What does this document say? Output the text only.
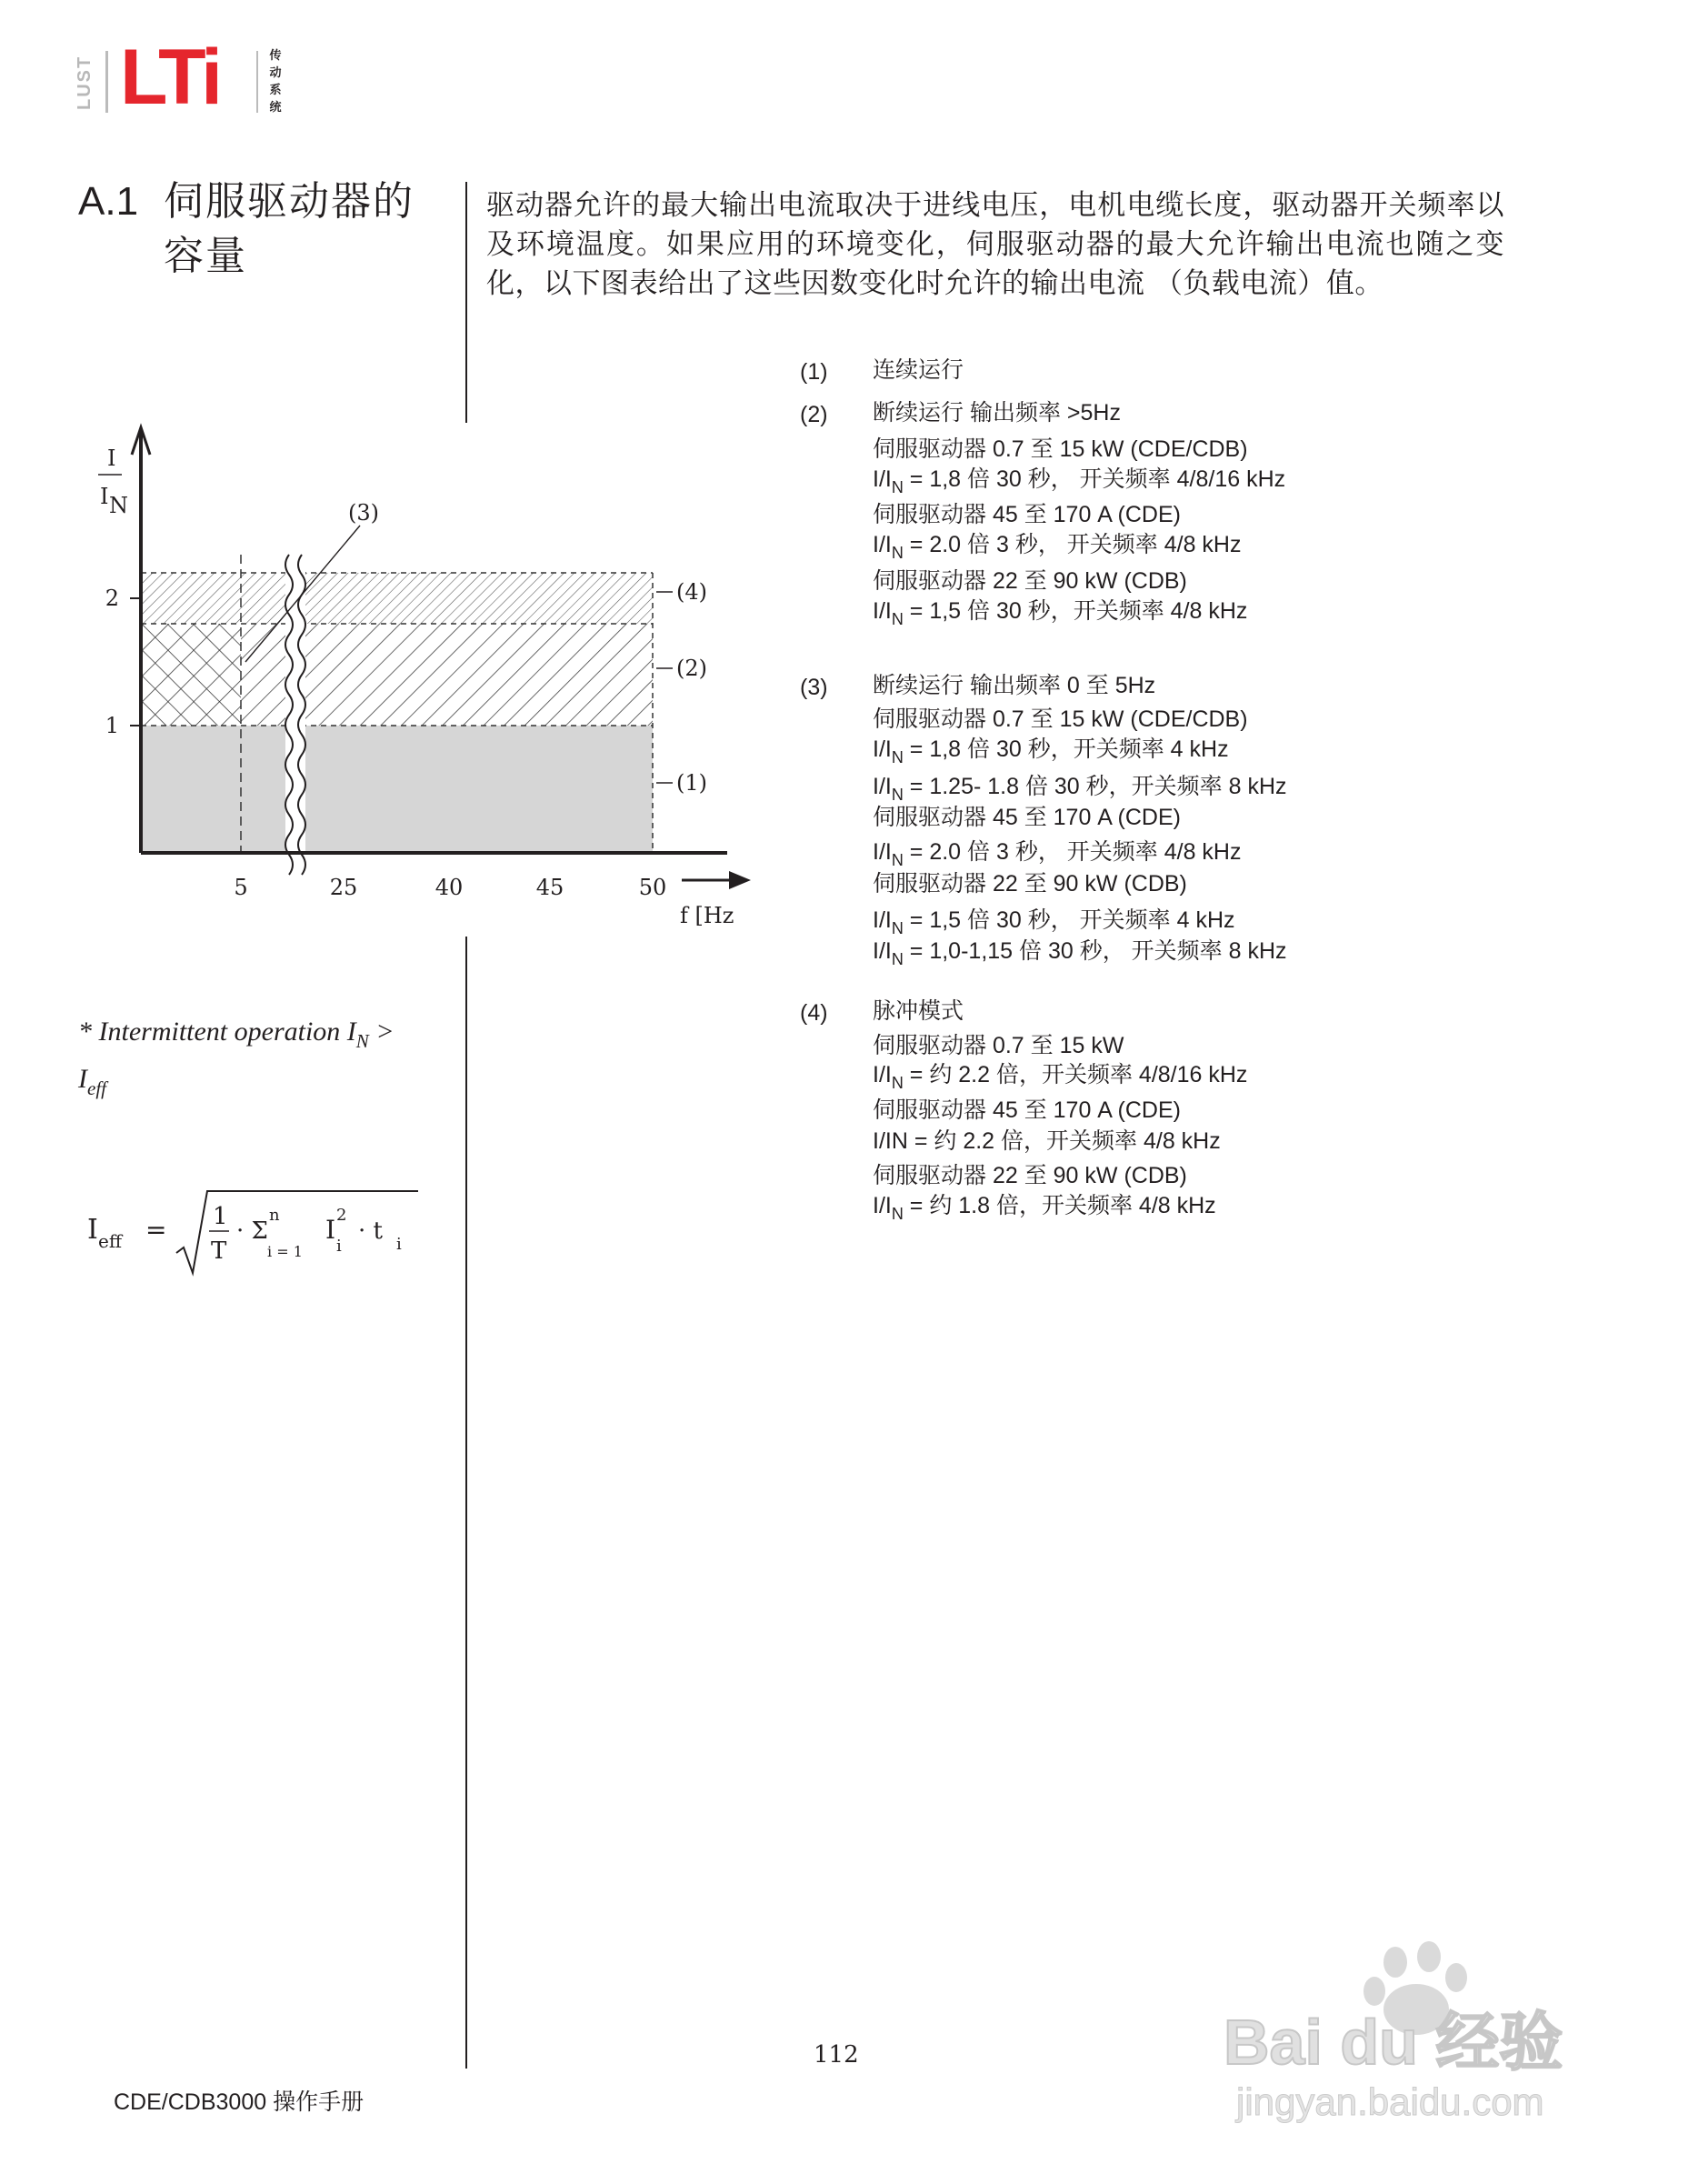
LUST LTi	传动系统
A.1 伺服驱动器的
容量
驱动器允许的最大输出电流取决于进线电压，电机电缆长度，驱动器开关频率以及环境温度。如果应用的环境变化，伺服驱动器的最大允许输出电流也随之变化，以下图表给出了这些因数变化时允许的输出电流 （负载电流）值。
(1) 连续运行
(2) 断续运行 输出频率 >5Hz
伺服驱动器 0.7 至 15 kW (CDE/CDB)
$I/I_N = 1,8$ 倍 30 秒， 开关频率 4/8/16 kHz
伺服驱动器 45 至 170 A (CDE)
$I/I_N = 2.0$ 倍 3 秒， 开关频率 4/8 kHz
伺服驱动器 22 至 90 kW (CDB)
$I/I_N = 1,5$ 倍 30 秒，开关频率 4/8 kHz
(3) 断续运行 输出频率 0 至 5Hz
伺服驱动器 0.7 至 15 kW (CDE/CDB)
$I/I_N = 1,8$ 倍 30 秒，开关频率 4 kHz
$I/I_N = 1.25-$ 1.8 倍 30 秒，开关频率 8 kHz
伺服驱动器 45 至 170 A (CDE)
$I/I_N = 2.0$ 倍 3 秒， 开关频率 4/8 kHz
伺服驱动器 22 至 90 kW (CDB)
$I/I_N = 1,5$ 倍 30 秒， 开关频率 4 kHz
$I/I_N = 1,0-1,15$ 倍 30 秒， 开关频率 8 kHz
(4) 脉冲模式
伺服驱动器 0.7 至 15 kW
$I/I_N$ = 约 2.2 倍，开关频率 4/8/16 kHz
伺服驱动器 45 至 170 A (CDE)
I/IN = 约 2.2 倍，开关频率 4/8 kHz
伺服驱动器 22 至 90 kW (CDB)
$I/I_N$ = 约 1.8 倍，开关频率 4/8 kHz
5	25	40	45	50
1
2
I
I N
f [Hz
(1)
(2)
(3)
(4)
* Intermittent operation $I_N$ >
$I_{eff}$
I eff = 1
T
· Σ
n
i = 1
I 2
i
· t i
112
CDE/CDB3000 操作手册
Bai du 经验
jingyan.baidu.com
